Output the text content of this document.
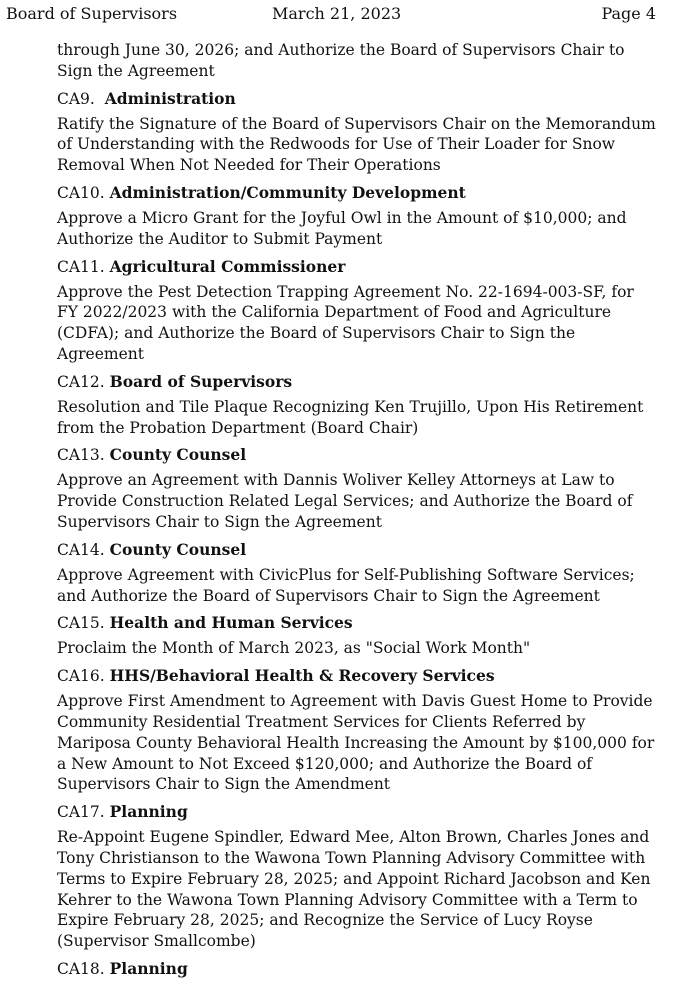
Board of Supervisors	March 21, 2023	Page 4

through June 30, 2026; and Authorize the Board of Supervisors Chair to Sign the Agreement

CA9. Administration

Ratify the Signature of the Board of Supervisors Chair on the Memorandum of Understanding with the Redwoods for Use of Their Loader for Snow Removal When Not Needed for Their Operations

CA10. Administration/Community Development

Approve a Micro Grant for the Joyful Owl in the Amount of $10,000; and Authorize the Auditor to Submit Payment

CA11. Agricultural Commissioner

Approve the Pest Detection Trapping Agreement No. 22-1694-003-SF, for FY 2022/2023 with the California Department of Food and Agriculture (CDFA); and Authorize the Board of Supervisors Chair to Sign the Agreement

CA12. Board of Supervisors

Resolution and Tile Plaque Recognizing Ken Trujillo, Upon His Retirement from the Probation Department (Board Chair)

CA13. County Counsel

Approve an Agreement with Dannis Woliver Kelley Attorneys at Law to Provide Construction Related Legal Services; and Authorize the Board of Supervisors Chair to Sign the Agreement

CA14. County Counsel

Approve Agreement with CivicPlus for Self-Publishing Software Services; and Authorize the Board of Supervisors Chair to Sign the Agreement

CA15. Health and Human Services

Proclaim the Month of March 2023, as "Social Work Month"

CA16. HHS/Behavioral Health & Recovery Services

Approve First Amendment to Agreement with Davis Guest Home to Provide Community Residential Treatment Services for Clients Referred by Mariposa County Behavioral Health Increasing the Amount by $100,000 for a New Amount to Not Exceed $120,000; and Authorize the Board of Supervisors Chair to Sign the Amendment

CA17. Planning

Re-Appoint Eugene Spindler, Edward Mee, Alton Brown, Charles Jones and Tony Christianson to the Wawona Town Planning Advisory Committee with Terms to Expire February 28, 2025; and Appoint Richard Jacobson and Ken Kehrer to the Wawona Town Planning Advisory Committee with a Term to Expire February 28, 2025; and Recognize the Service of Lucy Royse (Supervisor Smallcombe)

CA18. Planning
